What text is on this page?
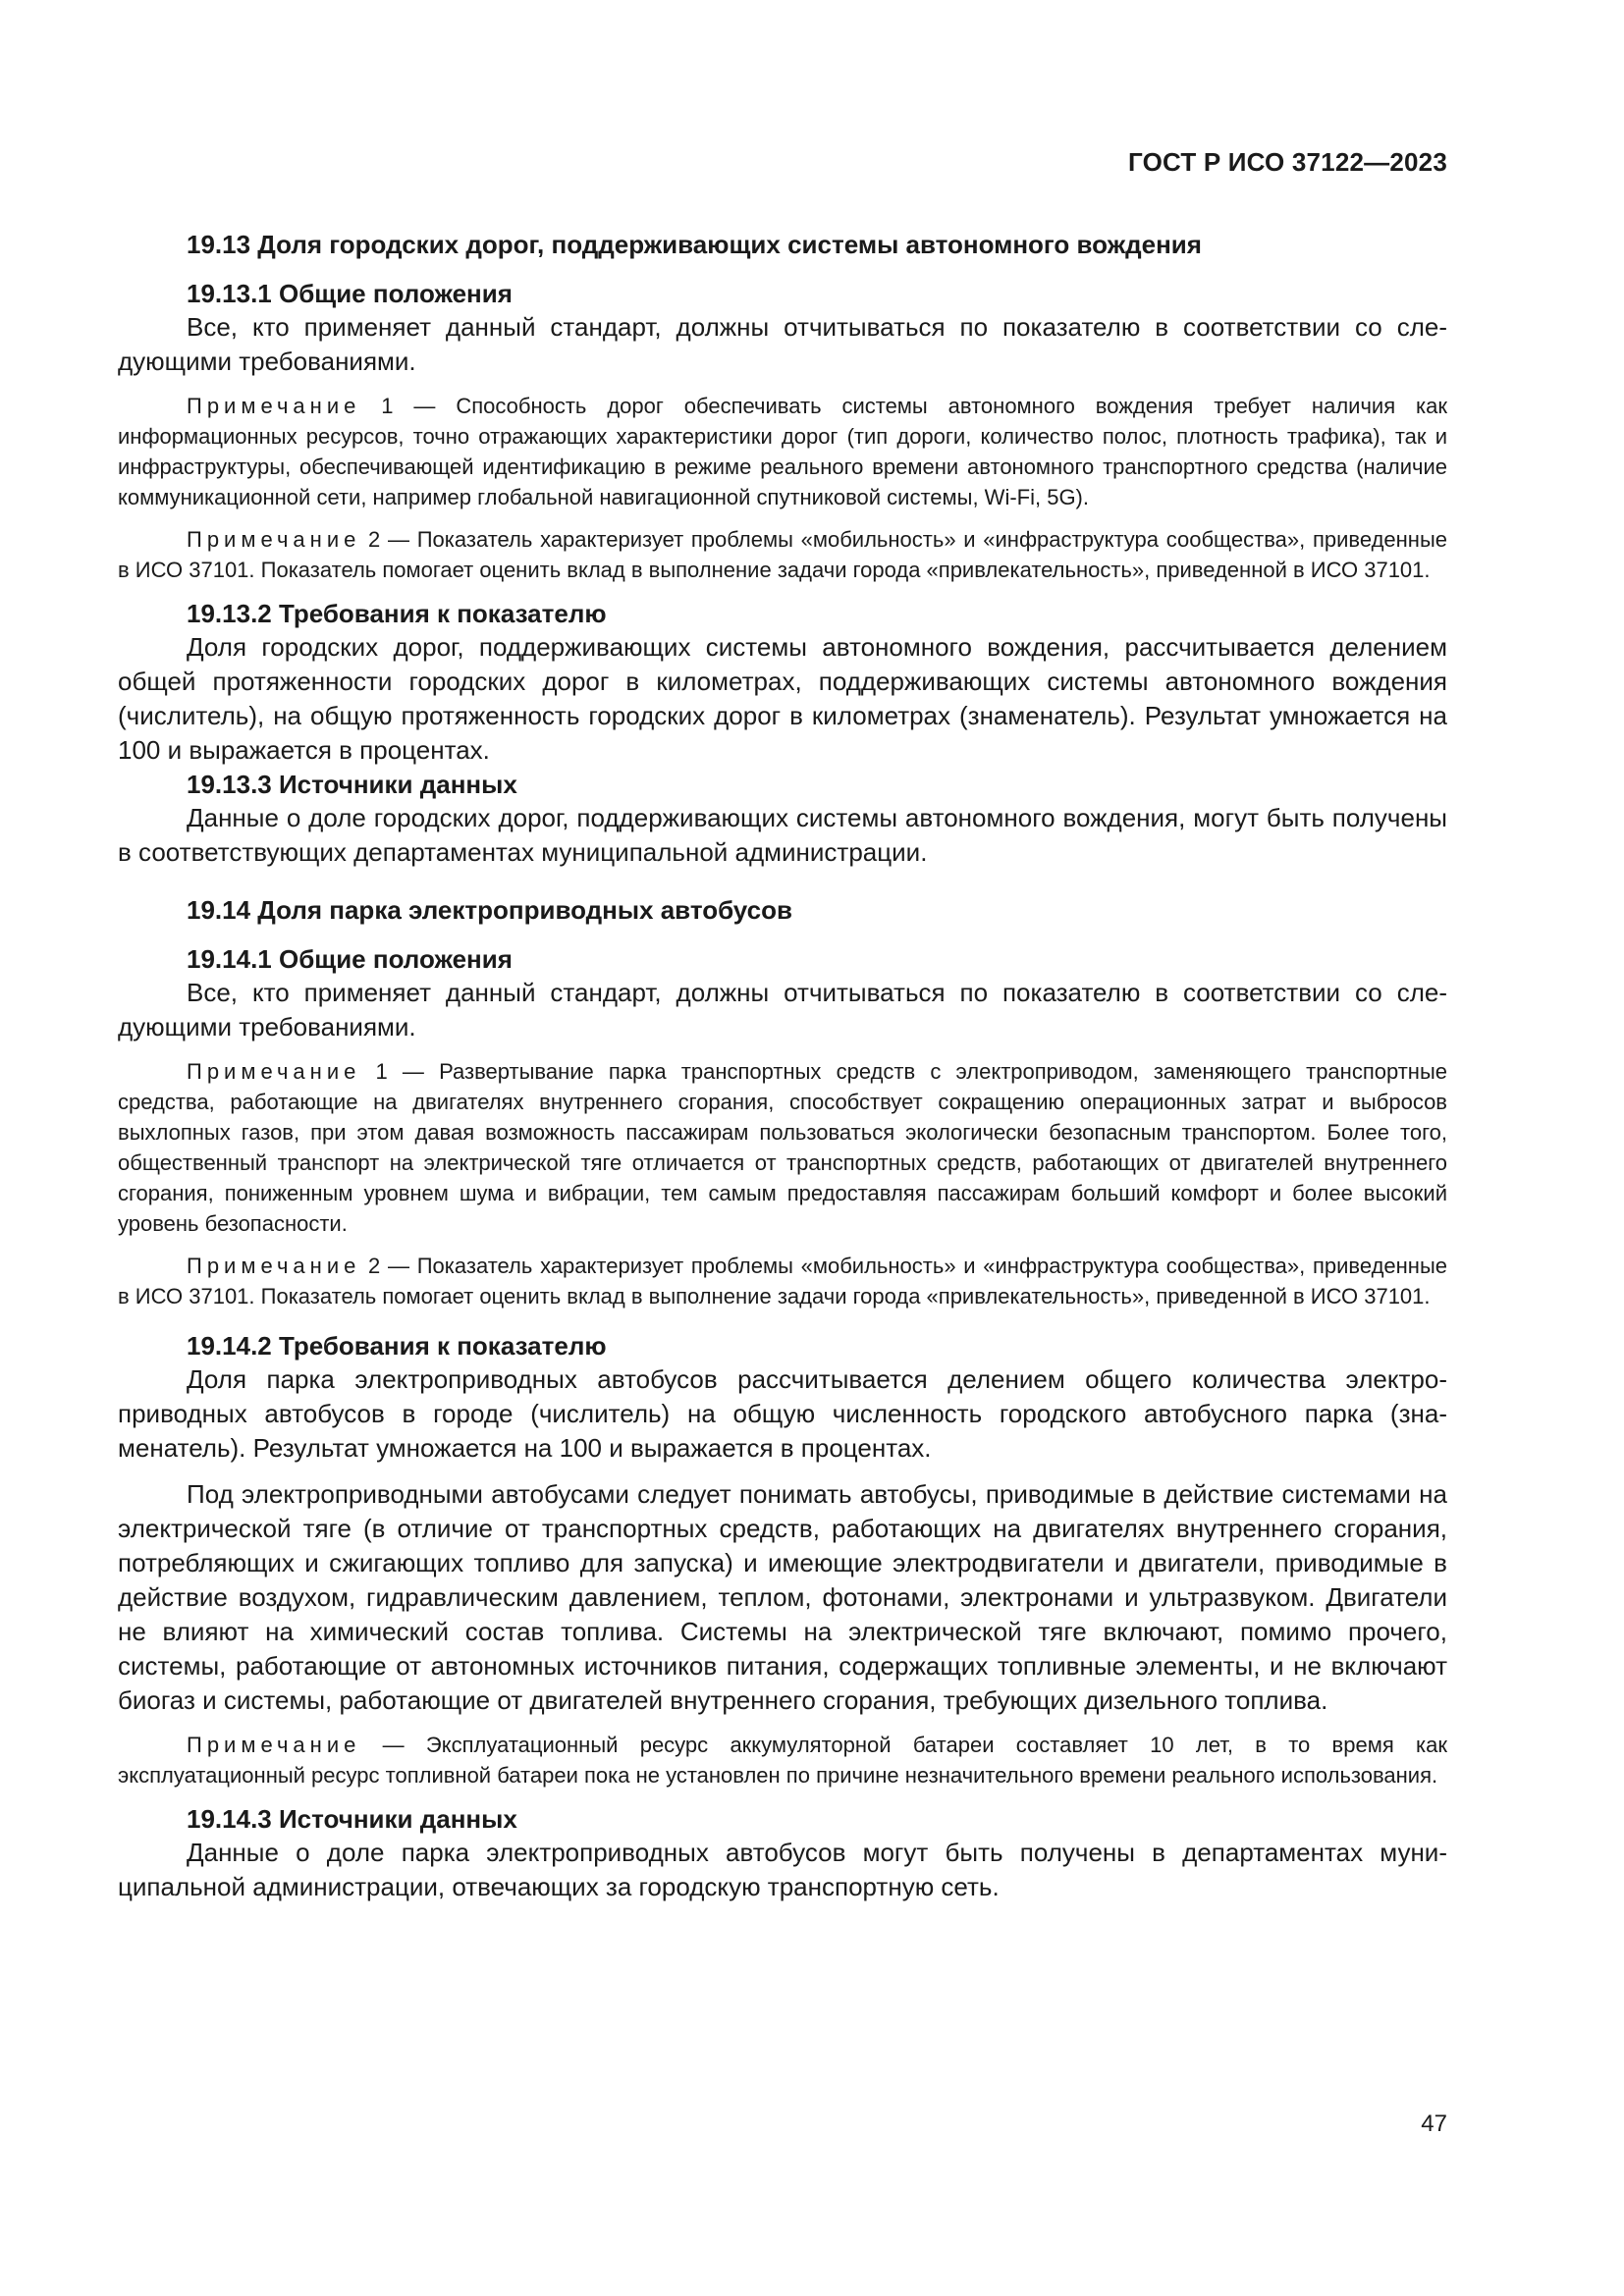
ГОСТ Р ИСО 37122—2023
19.13 Доля городских дорог, поддерживающих системы автономного вождения
19.13.1 Общие положения
Все, кто применяет данный стандарт, должны отчитываться по показателю в соответствии со следующими требованиями.
Примечание 1 — Способность дорог обеспечивать системы автономного вождения требует наличия как информационных ресурсов, точно отражающих характеристики дорог (тип дороги, количество полос, плотность трафика), так и инфраструктуры, обеспечивающей идентификацию в режиме реального времени автономного транспортного средства (наличие коммуникационной сети, например глобальной навигационной спутниковой системы, Wi-Fi, 5G).
Примечание 2 — Показатель характеризует проблемы «мобильность» и «инфраструктура сообщества», приведенные в ИСО 37101. Показатель помогает оценить вклад в выполнение задачи города «привлекательность», приведенной в ИСО 37101.
19.13.2 Требования к показателю
Доля городских дорог, поддерживающих системы автономного вождения, рассчитывается делением общей протяженности городских дорог в километрах, поддерживающих системы автономного вождения (числитель), на общую протяженность городских дорог в километрах (знаменатель). Результат умножается на 100 и выражается в процентах.
19.13.3 Источники данных
Данные о доле городских дорог, поддерживающих системы автономного вождения, могут быть получены в соответствующих департаментах муниципальной администрации.
19.14 Доля парка электроприводных автобусов
19.14.1 Общие положения
Все, кто применяет данный стандарт, должны отчитываться по показателю в соответствии со следующими требованиями.
Примечание 1 — Развертывание парка транспортных средств с электроприводом, заменяющего транспортные средства, работающие на двигателях внутреннего сгорания, способствует сокращению операционных затрат и выбросов выхлопных газов, при этом давая возможность пассажирам пользоваться экологически безопасным транспортом. Более того, общественный транспорт на электрической тяге отличается от транспортных средств, работающих от двигателей внутреннего сгорания, пониженным уровнем шума и вибрации, тем самым предоставляя пассажирам больший комфорт и более высокий уровень безопасности.
Примечание 2 — Показатель характеризует проблемы «мобильность» и «инфраструктура сообщества», приведенные в ИСО 37101. Показатель помогает оценить вклад в выполнение задачи города «привлекательность», приведенной в ИСО 37101.
19.14.2 Требования к показателю
Доля парка электроприводных автобусов рассчитывается делением общего количества электроприводных автобусов в городе (числитель) на общую численность городского автобусного парка (знаменатель). Результат умножается на 100 и выражается в процентах.
Под электроприводными автобусами следует понимать автобусы, приводимые в действие системами на электрической тяге (в отличие от транспортных средств, работающих на двигателях внутреннего сгорания, потребляющих и сжигающих топливо для запуска) и имеющие электродвигатели и двигатели, приводимые в действие воздухом, гидравлическим давлением, теплом, фотонами, электронами и ультразвуком. Двигатели не влияют на химический состав топлива. Системы на электрической тяге включают, помимо прочего, системы, работающие от автономных источников питания, содержащих топливные элементы, и не включают биогаз и системы, работающие от двигателей внутреннего сгорания, требующих дизельного топлива.
Примечание — Эксплуатационный ресурс аккумуляторной батареи составляет 10 лет, в то время как эксплуатационный ресурс топливной батареи пока не установлен по причине незначительного времени реального использования.
19.14.3 Источники данных
Данные о доле парка электроприводных автобусов могут быть получены в департаментах муниципальной администрации, отвечающих за городскую транспортную сеть.
47
